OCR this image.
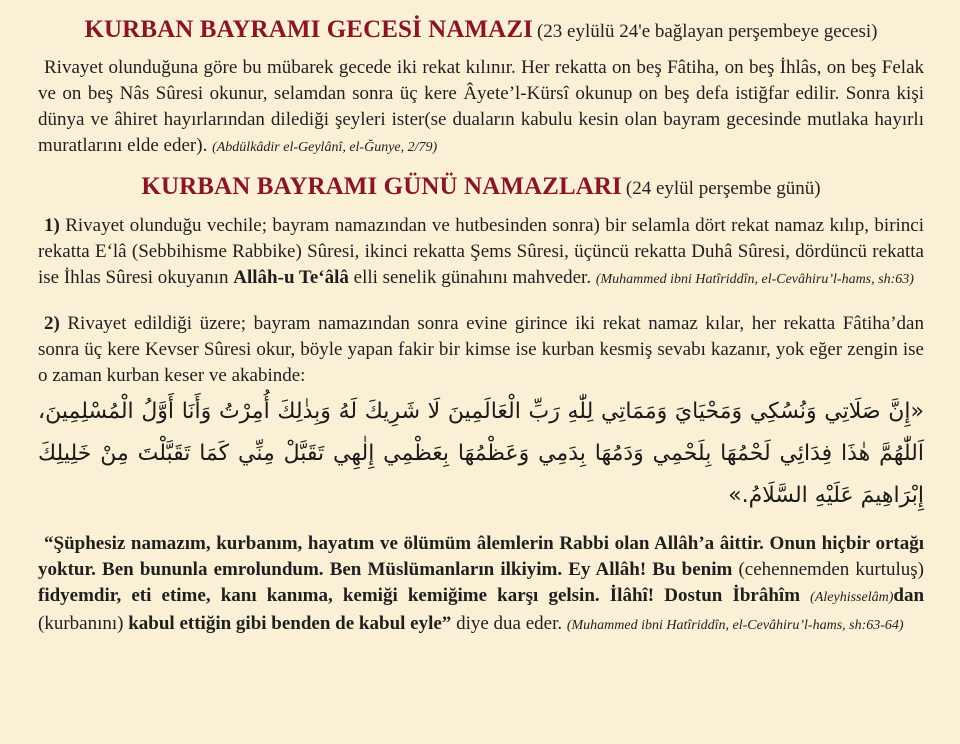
KURBAN BAYRAMI GECESİ NAMAZI (23 eylülü 24'e bağlayan perşembeye gecesi)

Rivayet olunduğuna göre bu mübarek gecede iki rekat kılınır. Her rekatta on beş Fâtiha, on beş İhlâs, on beş Felak ve on beş Nâs Sûresi okunur, selamdan sonra üç kere Âyete’l-Kürsî okunup on beş defa istiğfar edilir. Sonra kişi dünya ve âhiret hayırlarından dilediği şeyleri ister(se duaların kabulu kesin olan bayram gecesinde mutlaka hayırlı muratlarını elde eder). (Abdülkâdir el-Geylânî, el-Ğunye, 2/79)

KURBAN BAYRAMI GÜNÜ NAMAZLARI (24 eylül perşembe günü)

1) Rivayet olunduğu vechile; bayram namazından ve hutbesinden sonra) bir selamla dört rekat namaz kılıp, birinci rekatta E‘lâ (Sebbihisme Rabbike) Sûresi, ikinci rekatta Şems Sûresi, üçüncü rekatta Duhâ Sûresi, dördüncü rekatta ise İhlas Sûresi okuyanın Allâh-u Te‘âlâ elli senelik günahını mahveder. (Muhammed ibni Hatîriddîn, el-Cevâhiru’l-hams, sh:63)

2) Rivayet edildiği üzere; bayram namazından sonra evine girince iki rekat namaz kılar, her rekatta Fâtiha’dan sonra üç kere Kevser Sûresi okur, böyle yapan fakir bir kimse ise kurban kesmiş sevabı kazanır, yok eğer zengin ise o zaman kurban keser ve akabinde:

«إِنَّ صَلَاتِي وَنُسُكِي وَمَحْيَايَ وَمَمَاتِي لِلّٰهِ رَبِّ الْعَالَمِينَ لَا شَرِيكَ لَهُ وَبِذٰلِكَ أُمِرْتُ وَأَنَا أَوَّلُ الْمُسْلِمِينَ، اَللّٰهُمَّ هٰذَا فِدَائِي لَحْمُهَا بِلَحْمِي وَدَمُهَا بِدَمِي وَعَظْمُهَا بِعَظْمِي إِلٰهِي تَقَبَّلْ مِنِّي كَمَا تَقَبَّلْتَ مِنْ خَلِيلِكَ إِبْرَاهِيمَ عَلَيْهِ السَّلَامُ.»

“Şüphesiz namazım, kurbanım, hayatım ve ölümüm âlemlerin Rabbi olan Allâh’a âittir. Onun hiçbir ortağı yoktur. Ben bununla emrolundum. Ben Müslümanların ilkiyim. Ey Allâh! Bu benim (cehennemden kurtuluş) fidyemdir, eti etime, kanı kanıma, kemiği kemiğime karşı gelsin. İlâhî! Dostun İbrâhîm (Aleyhisselâm)dan (kurbanını) kabul ettiğin gibi benden de kabul eyle” diye dua eder. (Muhammed ibni Hatîriddîn, el-Cevâhiru’l-hams, sh:63-64)
